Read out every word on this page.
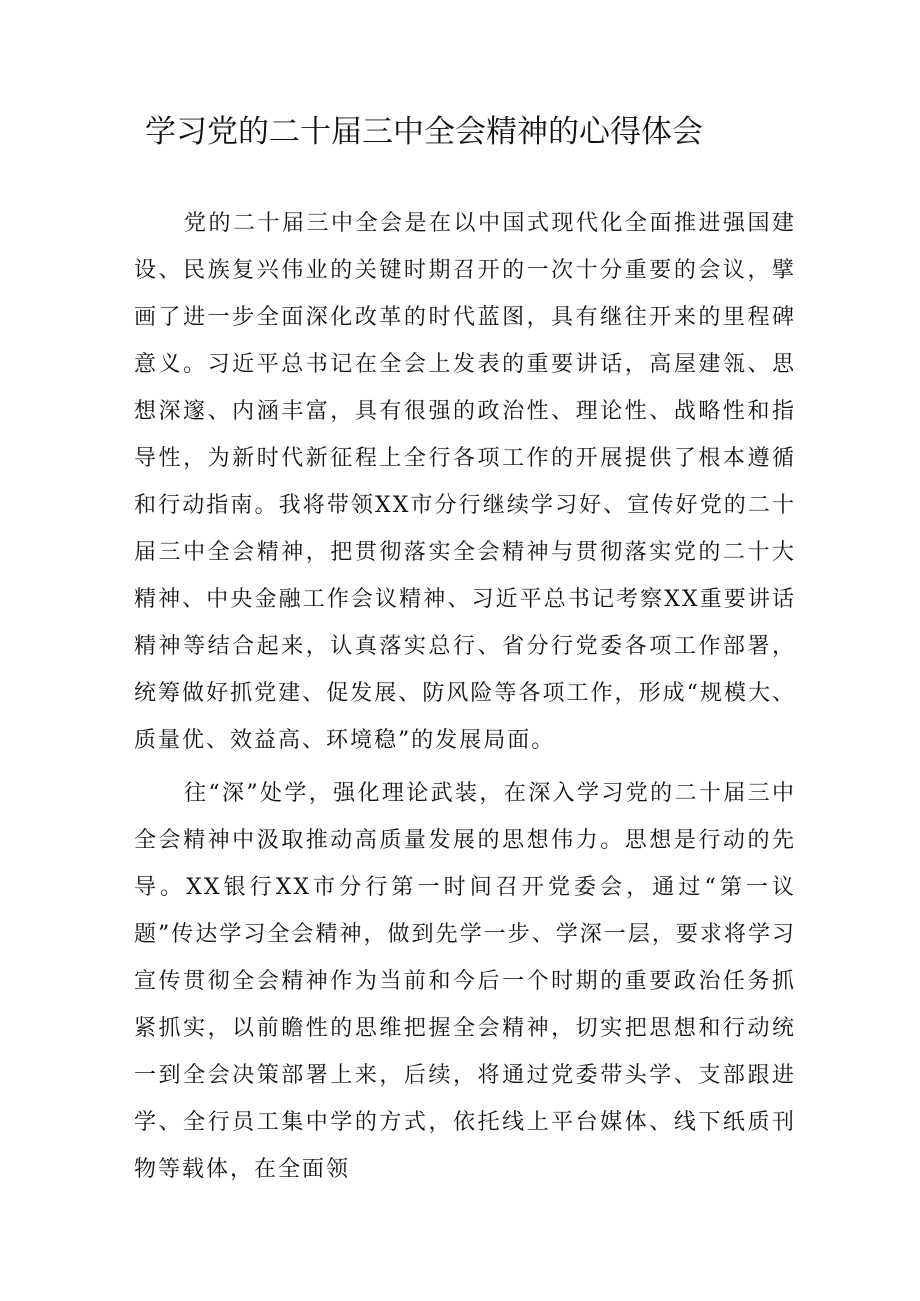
学习党的二十届三中全会精神的心得体会

党的二十届三中全会是在以中国式现代化全面推进强国建设、民族复兴伟业的关键时期召开的一次十分重要的会议，擘画了进一步全面深化改革的时代蓝图，具有继往开来的里程碑意义。习近平总书记在全会上发表的重要讲话，高屋建瓴、思想深邃、内涵丰富，具有很强的政治性、理论性、战略性和指导性，为新时代新征程上全行各项工作的开展提供了根本遵循和行动指南。我将带领XX市分行继续学习好、宣传好党的二十届三中全会精神，把贯彻落实全会精神与贯彻落实党的二十大精神、中央金融工作会议精神、习近平总书记考察XX重要讲话精神等结合起来，认真落实总行、省分行党委各项工作部署，统筹做好抓党建、促发展、防风险等各项工作，形成“规模大、质量优、效益高、环境稳”的发展局面。

往“深”处学，强化理论武装，在深入学习党的二十届三中全会精神中汲取推动高质量发展的思想伟力。思想是行动的先导。XX银行XX市分行第一时间召开党委会，通过“第一议题”传达学习全会精神，做到先学一步、学深一层，要求将学习宣传贯彻全会精神作为当前和今后一个时期的重要政治任务抓紧抓实，以前瞻性的思维把握全会精神，切实把思想和行动统一到全会决策部署上来，后续，将通过党委带头学、支部跟进学、全行员工集中学的方式，依托线上平台媒体、线下纸质刊物等载体，在全面领
